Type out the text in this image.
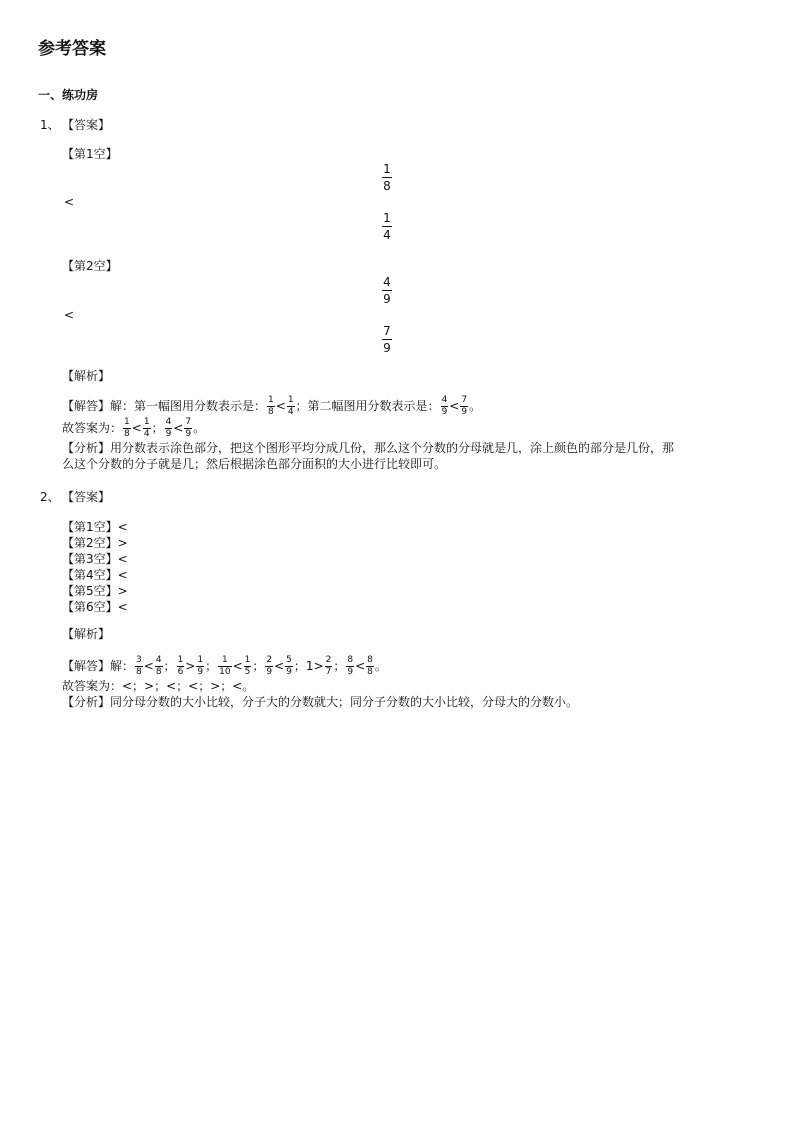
参考答案
一、练功房
1、 【答案】
【第1空】
1
8
<
1
4
【第2空】
4
9
<
7
9
【解析】
【解答】解：第一幅图用分数表示是： $\frac{1}{8} < \frac{1}{4}$ ；第二幅图用分数表示是： $\frac{4}{9} < \frac{7}{9}$ 。
故答案为： $\frac{1}{8} < \frac{1}{4}$ ； $\frac{4}{9} < \frac{7}{9}$ 。
【分析】用分数表示涂色部分，把这个图形平均分成几份，那么这个分数的分母就是几，涂上颜色的部分是几份，那
么这个分数的分子就是几；然后根据涂色部分面积的大小进行比较即可。
2、 【答案】
【第1空】<
【第2空】>
【第3空】<
【第4空】<
【第5空】>
【第6空】<
【解析】
【解答】解： $\frac{3}{8} < \frac{4}{8}$ ； $\frac{1}{6} > \frac{1}{9}$ ； $\frac{1}{10} < \frac{1}{5}$ ； $\frac{2}{9} < \frac{5}{9}$ ；$1> \frac{2}{7}$ ； $\frac{8}{9} < \frac{8}{8}$ 。
故答案为：<；>；<；<；>；<。
【分析】同分母分数的大小比较，分子大的分数就大；同分子分数的大小比较，分母大的分数小。
